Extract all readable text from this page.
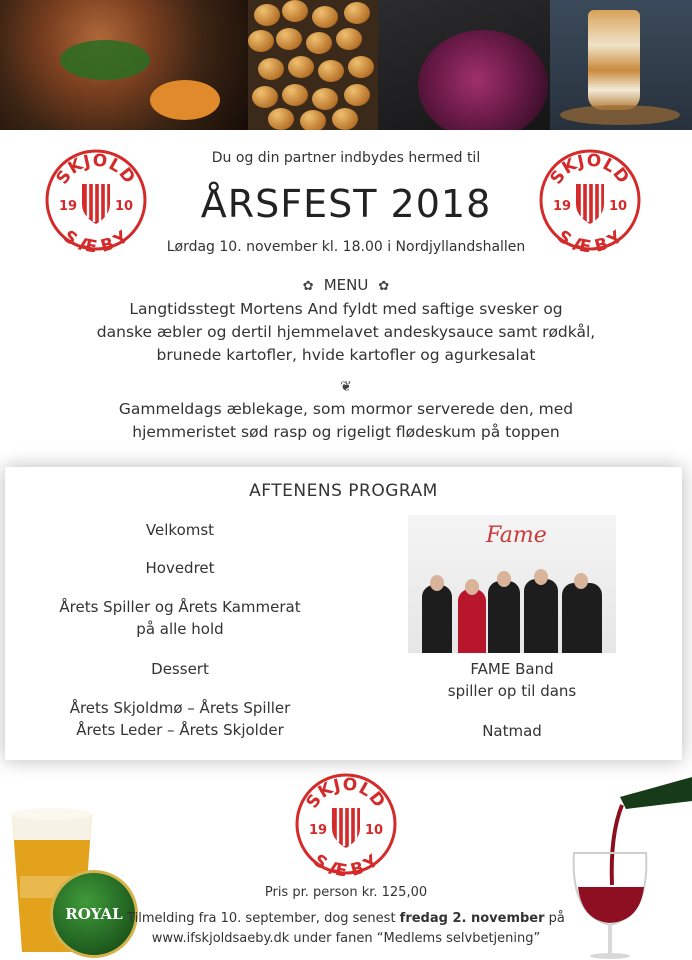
SKJOLD
SÆBY
19	10
SKJOLD
SÆBY
19	10
Du og din partner indbydes hermed til
ÅRSFEST 2018
Lørdag 10. november kl. 18.00 i Nordjyllandshallen
✿ MENU ✿
Langtidsstegt Mortens And fyldt med saftige svesker og
danske æbler og dertil hjemmelavet andeskysauce samt rødkål,
brunede kartofler, hvide kartofler og agurkesalat
❦
Gammeldags æblekage, som mormor serverede den, med
hjemmeristet sød rasp og rigeligt flødeskum på toppen
AFTENENS PROGRAM
Velkomst
Hovedret
Årets Spiller og Årets Kammerat
på alle hold
Dessert
Årets Skjoldmø – Årets Spiller
Årets Leder – Årets Skjolder
Fame
FAME Band
spiller op til dans
Natmad
SKJOLD
SÆBY
19	10
ROYAL
Pris pr. person kr. 125,00
Tilmelding fra 10. september, dog senest fredag 2. november på
www.ifskjoldsaeby.dk under fanen “Medlems selvbetjening”
